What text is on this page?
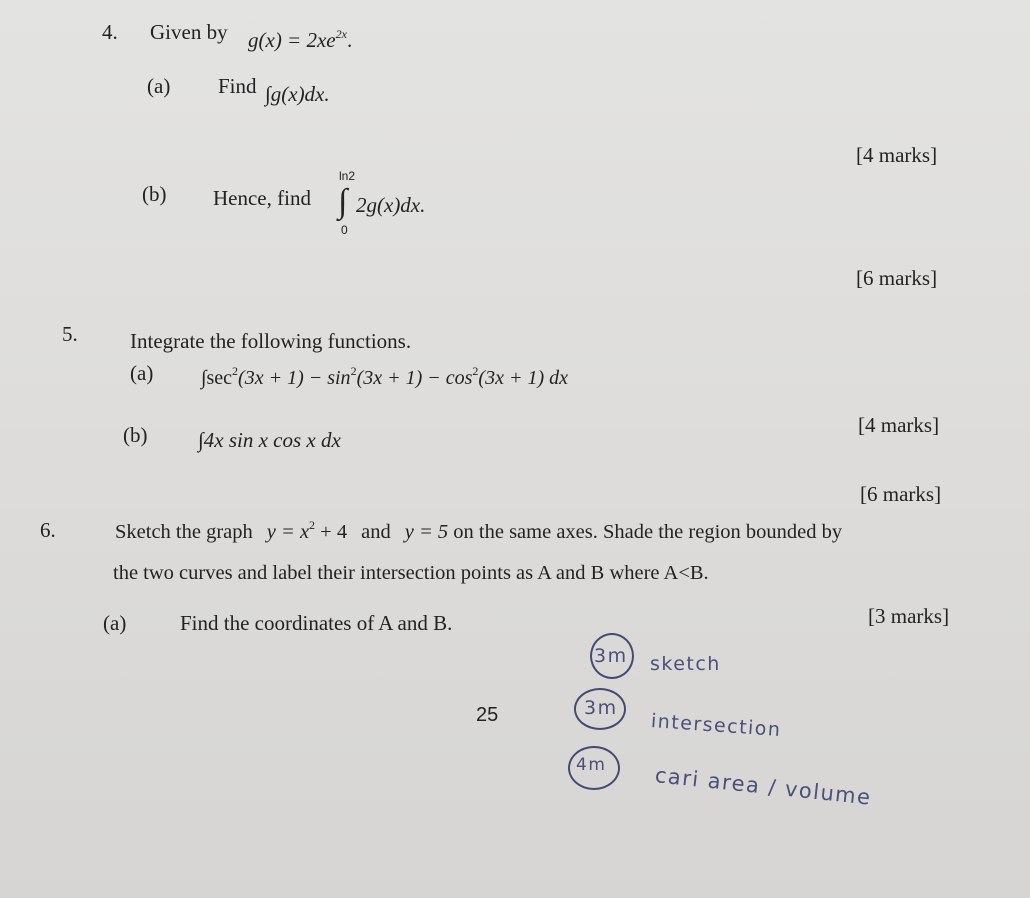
4. Given by $g(x) = 2xe^{2x}$.
(a) Find ∫g(x)dx.
[4 marks]
(b) Hence, find
ln2
∫
0
2g(x)dx.
[6 marks]
5. Integrate the following functions.
(a) $\int\sec^2(3x + 1) - \sin^2(3x + 1) - \cos^2(3x + 1)$ dx
[4 marks]
(b) ∫4x sin x cos x dx
[6 marks]
6.	Sketch the graph $y = x^2 + 4$ and y = 5 on the same axes. Shade the region bounded by
the two curves and label their intersection points as A and B where A<B.
(a)	Find the coordinates of A and B.	[3 marks]
25
3m sketch
3m
intersection
4m cari area / volume
